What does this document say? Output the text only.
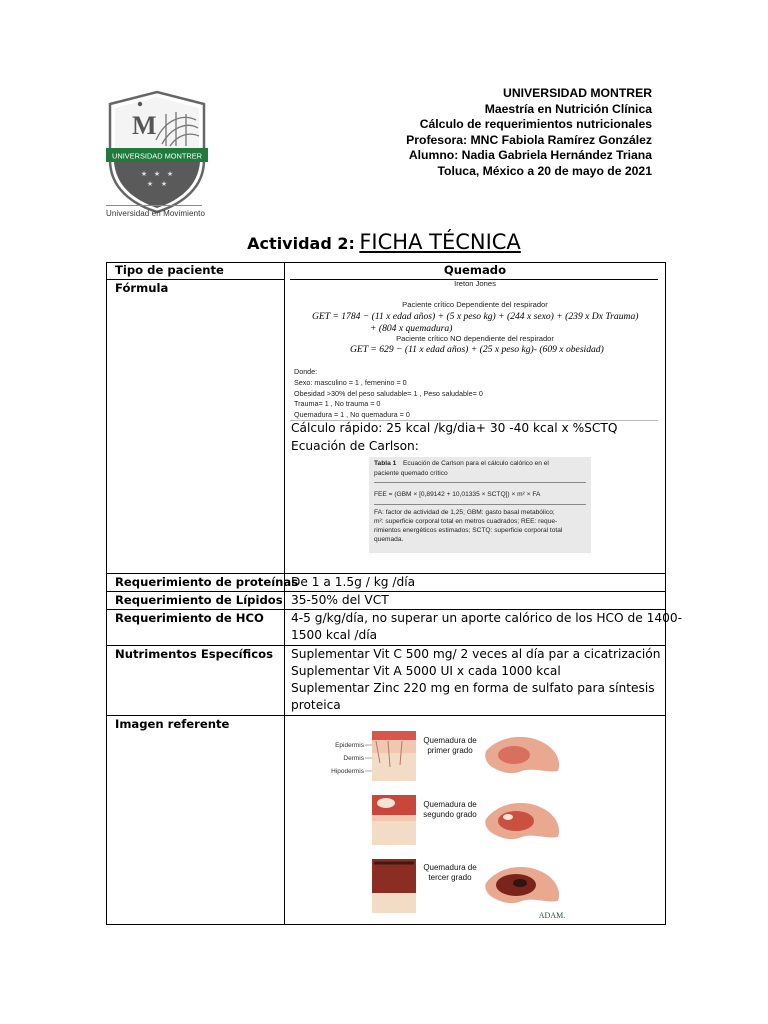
M
UNIVERSIDAD MONTRER
★ ★ ★
★ ★
Universidad en Movimiento
UNIVERSIDAD MONTRER
Maestría en Nutrición Clínica
Cálculo de requerimientos nutricionales
Profesora: MNC Fabiola Ramírez González
Alumno: Nadia Gabriela Hernández Triana
Toluca, México a 20 de mayo de 2021
Actividad 2: FICHA TÉCNICA
Tipo de paciente
Fórmula
Requerimiento de proteínas
Requerimiento de Lípidos
Requerimiento de HCO
Nutrimentos Específicos
Imagen referente
Quemado
Ireton Jones
Paciente crítico Dependiente del respirador
GET = 1784 − (11 x edad años) + (5 x peso kg) + (244 x sexo) + (239 x Dx Trauma)
+ (804 x quemadura)
Paciente crítico NO dependiente del respirador
GET = 629 − (11 x edad años) + (25 x peso kg)- (609 x obesidad)
Donde:
Sexo: masculino = 1 , femenino = 0
Obesidad >30% del peso saludable= 1 , Peso saludable= 0
Trauma= 1 , No trauma = 0
Quemadura = 1 , No quemadura = 0
Cálculo rápido: 25 kcal /kg/dia+ 30 -40 kcal x %SCTQ
Ecuación de Carlson:
Tabla 1 Ecuación de Carlson para el cálculo calórico en el
paciente quemado crítico
FEE = (GBM × [0,89142 + 10,01335 × SCTQ]) × m² × FA
FA: factor de actividad de 1,25; GBM: gasto basal metabólico;
m²: superficie corporal total en metros cuadrados; REE: reque-
rimientos energéticos estimados; SCTQ: superficie corporal total
quemada.
De 1 a 1.5g / kg /día
35-50% del VCT
4-5 g/kg/día, no superar un aporte calórico de los HCO de 1400-
1500 kcal /día
Suplementar Vit C 500 mg/ 2 veces al día par a cicatrización
Suplementar Vit A 5000 UI x cada 1000 kcal
Suplementar Zinc 220 mg en forma de sulfato para síntesis
proteica
Epidermis
Dermis
Hipodermis
Quemadura de
primer grado
Quemadura de
segundo grado
Quemadura de
tercer grado
ADAM.
